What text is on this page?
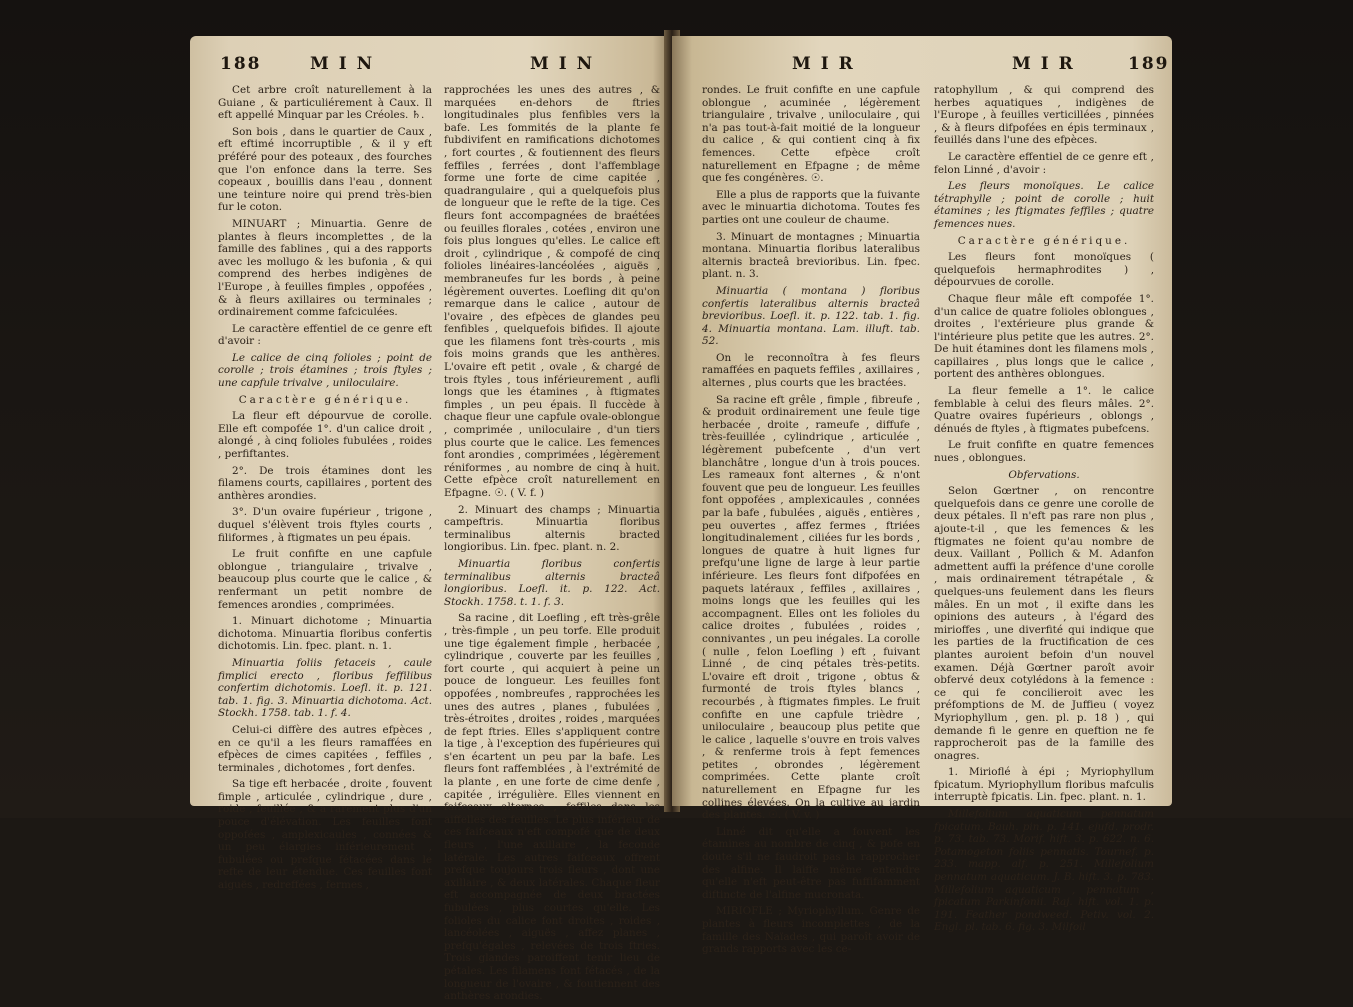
188	M I N	M I N

Cet arbre croît naturellement à la Guiane , & particuliérement à Caux. Il eft appellé Minquar par les Créoles. ♄.

Son bois , dans le quartier de Caux , eft eftimé incorruptible , & il y eft préféré pour des poteaux , des fourches que l'on enfonce dans la terre. Ses copeaux , bouillis dans l'eau , donnent une teinture noire qui prend très-bien fur le coton.

MINUART ; Minuartia. Genre de plantes à fleurs incomplettes , de la famille des fablines , qui a des rapports avec les mollugo & les bufonia , & qui comprend des herbes indigènes de l'Europe , à feuilles fimples , oppofées , & à fleurs axillaires ou terminales ; ordinairement comme fafciculées.

Le caractère effentiel de ce genre eft d'avoir :

Le calice de cinq folioles ; point de corolle ; trois étamines ; trois ftyles ; une capfule trivalve , uniloculaire.

Caractère générique.

La fleur eft dépourvue de corolle. Elle eft compofée 1°. d'un calice droit , alongé , à cinq folioles fubulées , roides , perfiftantes.

2°. De trois étamines dont les filamens courts, capillaires , portent des anthères arondies.

3°. D'un ovaire fupérieur , trigone , duquel s'élèvent trois ftyles courts , filiformes , à ftigmates un peu épais.

Le fruit confifte en une capfule oblongue , triangulaire , trivalve , beaucoup plus courte que le calice , & renfermant un petit nombre de femences arondies , comprimées.

1. Minuart dichotome ; Minuartia dichotoma. Minuartia floribus confertis dichotomis. Lin. fpec. plant. n. 1.

Minuartia foliis fetaceis , caule fimplici erecto , floribus feffilibus confertim dichotomis. Loefl. it. p. 121. tab. 1. fig. 3. Minuartia dichotoma. Act. Stockh. 1758. tab. 1. f. 4.

Celui-ci diffère des autres efpèces , en ce qu'il a les fleurs ramaffées en efpèces de cimes capitées , feffiles , terminales , dichotomes , fort denfes.

Sa tige eft herbacée , droite , fouvent fimple , articulée , cylindrique , dure , roide , feuillée , & a rarement plus d'un pouce d'élévation. Les feuilles font oppofées , amplexicaules , connées & un peu élargies inférieurement , fubulées ou prefque fétacées dans le refte de leur étendue. Ces feuilles font aiguës , redreffées , fermes ,

rapprochées les unes des autres , & marquées en-dehors de ftries longitudinales plus fenfibles vers la bafe. Les fommités de la plante fe fubdivifent en ramifications dichotomes , fort courtes , & foutiennent des fleurs feffiles , ferrées , dont l'affemblage forme une forte de cime capitée , quadrangulaire , qui a quelquefois plus de longueur que le refte de la tige. Ces fleurs font accompagnées de braétées ou feuilles florales , cotées , environ une fois plus longues qu'elles. Le calice eft droit , cylindrique , & compofé de cinq folioles linéaires-lancéolées , aiguës , membraneufes fur les bords , à peine légèrement ouvertes. Loefling dit qu'on remarque dans le calice , autour de l'ovaire , des efpèces de glandes peu fenfibles , quelquefois bifides. Il ajoute que les filamens font très-courts , mis fois moins grands que les anthères. L'ovaire eft petit , ovale , & chargé de trois ftyles , tous inférieurement , aufli longs que les étamines , à ftigmates fimples , un peu épais. Il fuccède à chaque fleur une capfule ovale-oblongue , comprimée , uniloculaire , d'un tiers plus courte que le calice. Les femences font arondies , comprimées , légèrement réniformes , au nombre de cinq à huit. Cette efpèce croît naturellement en Efpagne. ☉. ( V. f. )

2. Minuart des champs ; Minuartia campeftris. Minuartia floribus terminalibus alternis bracted longioribus. Lin. fpec. plant. n. 2.

Minuartia floribus confertis terminalibus alternis bracteâ longioribus. Loefl. it. p. 122. Act. Stockh. 1758. t. 1. f. 3.

Sa racine , dit Loefling , eft très-grêle , très-fimple , un peu torfe. Elle produit une tige également fimple , herbacée , cylindrique , couverte par les feuilles , fort courte , qui acquiert à peine un pouce de longueur. Les feuilles font oppofées , nombreufes , rapprochées les unes des autres , planes , fubulées , très-étroites , droites , roides , marquées de fept ftries. Elles s'appliquent contre la tige , à l'exception des fupérieures qui s'en écartent un peu par la bafe. Les fleurs font raffemblées , à l'extrémité de la plante , en une forte de cime denfe , capitée , irrégulière. Elles viennent en faifceaux alternes , feffiles dans les aiffelles des feuilles. Le plus inférieur de ces faifceaux n'eft compofé que de deux fleurs , l'une axillaire , la feconde latérale. Les autres faifceaux offrent prefque toujours trois fleurs , dont une axillaire , & deux latérales. Chaque fleur eft accompagnée de deux bractées fubulées , plus courtes qu'elle. Les folioles du calice font droites , roides , lancéolées , aiguës , affez planes , prefqu'égales , relevées de trois ftries. Trois glandes paroiffent tenir lieu de pétales. Les filamens font fétacés , de la longueur de l'ovaire , & foutiennent des anthères arondies.

M I R	M I R	189

rondes. Le fruit confifte en une capfule oblongue , acuminée , légèrement triangulaire , trivalve , uniloculaire , qui n'a pas tout-à-fait moitié de la longueur du calice , & qui contient cinq à fix femences. Cette efpèce croît naturellement en Efpagne ; de même que fes congénères. ☉.

Elle a plus de rapports que la fuivante avec le minuartia dichotoma. Toutes fes parties ont une couleur de chaume.

3. Minuart de montagnes ; Minuartia montana. Minuartia floribus lateralibus alternis bracteâ brevioribus. Lin. fpec. plant. n. 3.

Minuartia ( montana ) floribus confertis lateralibus alternis bracteâ brevioribus. Loefl. it. p. 122. tab. 1. fig. 4. Minuartia montana. Lam. illuft. tab. 52.

On le reconnoîtra à fes fleurs ramaffées en paquets feffiles , axillaires , alternes , plus courts que les bractées.

Sa racine eft grêle , fimple , fibreufe , & produit ordinairement une feule tige herbacée , droite , rameufe , diffufe , très-feuillée , cylindrique , articulée , légèrement pubefcente , d'un vert blanchâtre , longue d'un à trois pouces. Les rameaux font alternes , & n'ont fouvent que peu de longueur. Les feuilles font oppofées , amplexicaules , connées par la bafe , fubulées , aiguës , entières , peu ouvertes , affez fermes , ftriées longitudinalement , ciliées fur les bords , longues de quatre à huit lignes fur prefqu'une ligne de large à leur partie inférieure. Les fleurs font difpofées en paquets latéraux , feffiles , axillaires , moins longs que les feuilles qui les accompagnent. Elles ont les folioles du calice droites , fubulées , roides , connivantes , un peu inégales. La corolle ( nulle , felon Loefling ) eft , fuivant Linné , de cinq pétales très-petits. L'ovaire eft droit , trigone , obtus & furmonté de trois ftyles blancs , recourbés , à ftigmates fimples. Le fruit confifte en une capfule trièdre , uniloculaire , beaucoup plus petite que le calice , laquelle s'ouvre en trois valves , & renferme trois à fept femences petites , obrondes , légèrement comprimées. Cette plante croît naturellement en Efpagne fur les collines élevées. On la cultive au jardin des plantes. ☉. ( V. v. )

Linné dit qu'elle a fouvent les étamines au nombre de cinq , & pofe en doute s'il ne faudroit pas la rapprocher des alfine. Il laiffe même entendre qu'elle n'eft peut-être pas fuffifamment diftincte de l'alfine mucronata.

MIRIOFLE ; Myriophyllum. Genre de plantes à fleurs incomplettes , de la famille des Naïades , qui paroît avoir de grands rapports avec les ce-

ratophyllum , & qui comprend des herbes aquatiques , indigènes de l'Europe , à feuilles verticillées , pinnées , & à fleurs difpofées en épis terminaux , feuillés dans l'une des efpèces.

Le caractère effentiel de ce genre eft , felon Linné , d'avoir :

Les fleurs monoïques. Le calice tétraphylle ; point de corolle ; huit étamines ; les ftigmates feffiles ; quatre femences nues.

Caractère générique.

Les fleurs font monoïques ( quelquefois hermaphrodites ) , dépourvues de corolle.

Chaque fleur mâle eft compofée 1°. d'un calice de quatre folioles oblongues , droites , l'extérieure plus grande & l'intérieure plus petite que les autres. 2°. De huit étamines dont les filamens mols , capillaires , plus longs que le calice , portent des anthères oblongues.

La fleur femelle a 1°. le calice femblable à celui des fleurs mâles. 2°. Quatre ovaires fupérieurs , oblongs , dénués de ftyles , à ftigmates pubefcens.

Le fruit confifte en quatre femences nues , oblongues.

Obfervations.

Selon Gœrtner , on rencontre quelquefois dans ce genre une corolle de deux pétales. Il n'eft pas rare non plus , ajoute-t-il , que les femences & les ftigmates ne foient qu'au nombre de deux. Vaillant , Pollich & M. Adanfon admettent auffi la préfence d'une corolle , mais ordinairement tétrapétale , & quelques-uns feulement dans les fleurs mâles. En un mot , il exifte dans les opinions des auteurs , à l'égard des mirioffes , une diverfité qui indique que les parties de la fructification de ces plantes auroient befoin d'un nouvel examen. Déjà Gœrtner paroît avoir obfervé deux cotylédons à la femence : ce qui fe concilieroit avec les préfomptions de M. de Juffieu ( voyez Myriophyllum , gen. pl. p. 18 ) , qui demande fi le genre en queftion ne fe rapprocheroit pas de la famille des onagres.

1. Mirioflé à épi ; Myriophyllum fpicatum. Myriophyllum floribus mafculis interruptè fpicatis. Lin. fpec. plant. n. 1.

Millefolium aquaticum pennatum fpicatum. Bauh. pin. p. 141. ejufd. prodr. p. 73. tab. 73. Morif. hift. 3. p. 622. n. 6. Potamogeton foliis pennatis. Tournef. p. 233. mapp. alf. p. 251. Millefolium pennatum aquaticum. J. B. hift. 3. p. 783. Millefolium aquaticum , pennatum , fpicatum Parkinfonii. Raj. hift. vol. 1. p. 191. Feather pondweed. Petiv. vol. 2. Engl. pl. tab. 6. fig. 3. Milfoil
